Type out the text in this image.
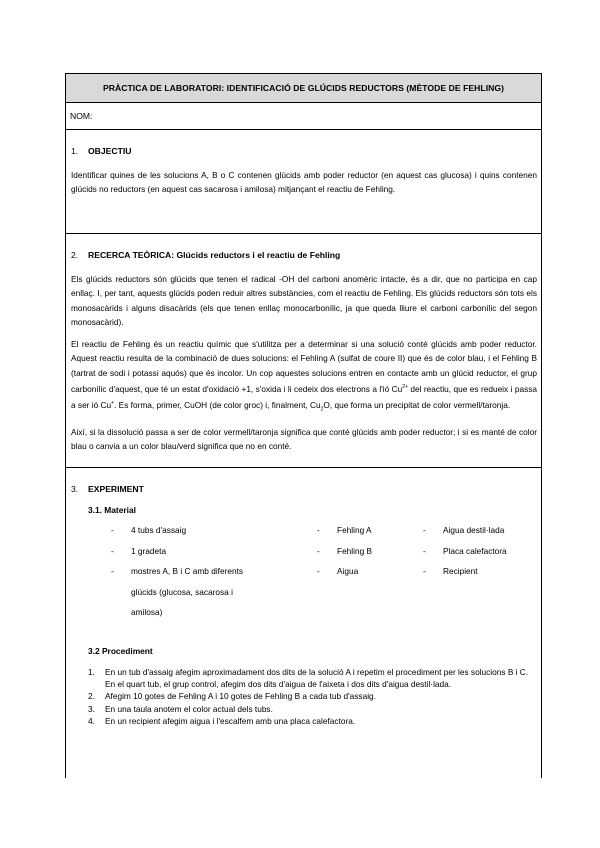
PRÀCTICA DE LABORATORI: IDENTIFICACIÓ DE GLÚCIDS REDUCTORS (MÈTODE DE FEHLING)
NOM:
1. OBJECTIU
Identificar quines de les solucions A, B o C contenen glúcids amb poder reductor (en aquest cas glucosa) i quins contenen glúcids no reductors (en aquest cas sacarosa i amilosa) mitjançant el reactiu de Fehling.
2. RECERCA TEÒRICA: Glúcids reductors i el reactiu de Fehling
Els glúcids reductors són glúcids que tenen el radical -OH del carboni anomèric intacte, és a dir, que no participa en cap enllaç. I, per tant, aquests glúcids poden reduir altres substàncies, com el reactiu de Fehling. Els glúcids reductors són tots els monosacàrids i alguns disacàrids (els que tenen enllaç monocarbonílic, ja que queda lliure el carboni carbonílic del segon monosacàrid).
El reactiu de Fehling és un reactiu químic que s'utilitza per a determinar si una solució conté glúcids amb poder reductor. Aquest reactiu resulta de la combinació de dues solucions: el Fehling A (sulfat de coure II) que és de color blau, i el Fehling B (tartrat de sodi i potassi aquós) que és incolor. Un cop aquestes solucions entren en contacte amb un glúcid reductor, el grup carbonílic d'aquest, que té un estat d'oxidació +1, s'oxida i li cedeix dos electrons a l'ió $Cu^{2+}$ del reactiu, que es redueix i passa a ser ió Cu+. Es forma, primer, CuOH (de color groc) i, finalment, $Cu_2O$, que forma un precipitat de color vermell/taronja.
Així, si la dissolució passa a ser de color vermell/taronja significa que conté glúcids amb poder reductor; i si es manté de color blau o canvia a un color blau/verd significa que no en conté.
3. EXPERIMENT
3.1. Material
- 4 tubs d'assaig
- 1 gradeta
- mostres A, B i C amb diferents
glúcids (glucosa, sacarosa i
amilosa)
- Fehling A
- Fehling B
- Aigua
- Aigua destil·lada
- Placa calefactora
- Recipient
3.2 Procediment
1. En un tub d'assaig afegim aproximadament dos dits de la solució A i repetim el procediment per les solucions B i C. En el quart tub, el grup control, afegim dos dits d'aigua de l'aixeta i dos dits d'aigua destil·lada.
2. Afegim 10 gotes de Fehling A i 10 gotes de Fehling B a cada tub d'assaig.
3. En una taula anotem el color actual dels tubs.
4. En un recipient afegim aigua i l'escalfem amb una placa calefactora.
